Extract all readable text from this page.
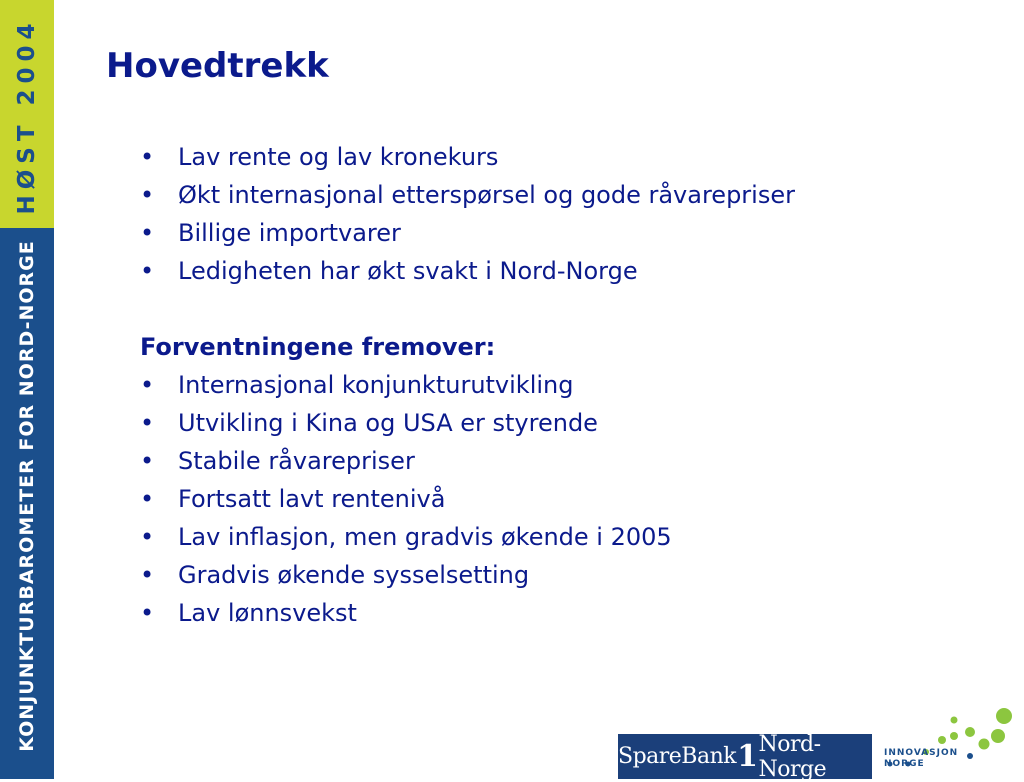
HØST 2004
KONJUNKTURBAROMETER FOR NORD-NORGE
Hovedtrekk
• Lav rente og lav kronekurs
• Økt internasjonal etterspørsel og gode råvarepriser
• Billige importvarer
• Ledigheten har økt svakt i Nord-Norge
Forventningene fremover:
• Internasjonal konjunkturutvikling
• Utvikling i Kina og USA er styrende
• Stabile råvarepriser
• Fortsatt lavt rentenivå
• Lav inflasjon, men gradvis økende i 2005
• Gradvis økende sysselsetting
• Lav lønnsvekst
SpareBank 1 Nord-Norge
INNOVASJON
NORGE
